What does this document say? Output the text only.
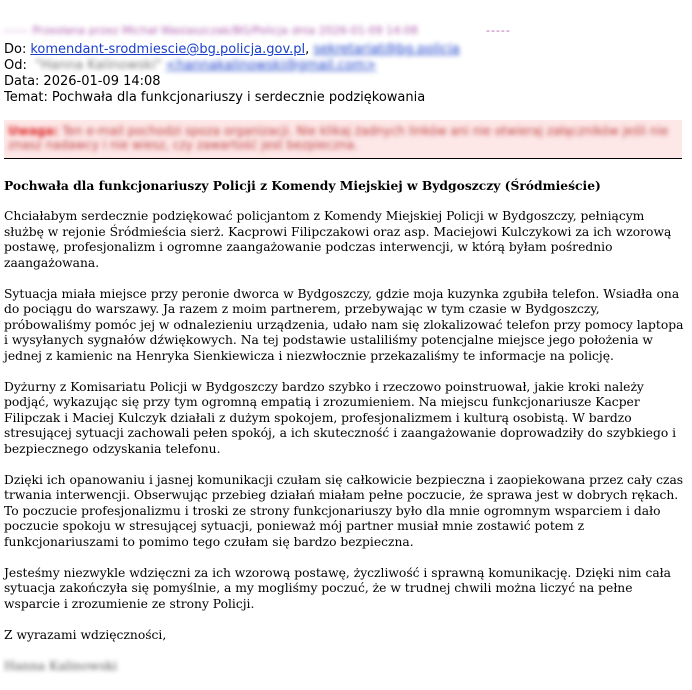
----- Przesłana przez Michał Wasiaszczak/BG/Policja dnia 2026-01-09 14:08	-----
Do: komendant-srodmiescie@bg.policja.gov.pl, sekretariat@bg.policja
Od: "Hanna Kalinowski" <hannakalinowski@gmail.com>
Data: 2026-01-09 14:08
Temat: Pochwała dla funkcjonariuszy i serdecznie podziękowania
Uwaga: Ten e-mail pochodzi spoza organizacji. Nie klikaj żadnych linków ani nie otwieraj załączników jeśli nie znasz nadawcy i nie wiesz, czy zawartość jest bezpieczna.

Pochwała dla funkcjonariuszy Policji z Komendy Miejskiej w Bydgoszczy (Śródmieście)

Chciałabym serdecznie podziękować policjantom z Komendy Miejskiej Policji w Bydgoszczy, pełniącym służbę w rejonie Śródmieścia sierż. Kacprowi Filipczakowi oraz asp. Maciejowi Kulczykowi za ich wzorową postawę, profesjonalizm i ogromne zaangażowanie podczas interwencji, w którą byłam pośrednio zaangażowana.

Sytuacja miała miejsce przy peronie dworca w Bydgoszczy, gdzie moja kuzynka zgubiła telefon. Wsiadła ona do pociągu do warszawy. Ja razem z moim partnerem, przebywając w tym czasie w Bydgoszczy, próbowaliśmy pomóc jej w odnalezieniu urządzenia, udało nam się zlokalizować telefon przy pomocy laptopa i wysyłanych sygnałów dźwiękowych. Na tej podstawie ustaliliśmy potencjalne miejsce jego położenia w jednej z kamienic na Henryka Sienkiewicza i niezwłocznie przekazaliśmy te informacje na policję.

Dyżurny z Komisariatu Policji w Bydgoszczy bardzo szybko i rzeczowo poinstruował, jakie kroki należy podjąć, wykazując się przy tym ogromną empatią i zrozumieniem. Na miejscu funkcjonariusze Kacper Filipczak i Maciej Kulczyk działali z dużym spokojem, profesjonalizmem i kulturą osobistą. W bardzo stresującej sytuacji zachowali pełen spokój, a ich skuteczność i zaangażowanie doprowadziły do szybkiego i bezpiecznego odzyskania telefonu.

Dzięki ich opanowaniu i jasnej komunikacji czułam się całkowicie bezpieczna i zaopiekowana przez cały czas trwania interwencji. Obserwując przebieg działań miałam pełne poczucie, że sprawa jest w dobrych rękach. To poczucie profesjonalizmu i troski ze strony funkcjonariuszy było dla mnie ogromnym wsparciem i dało poczucie spokoju w stresującej sytuacji, ponieważ mój partner musiał mnie zostawić potem z funkcjonariuszami to pomimo tego czułam się bardzo bezpieczna.

Jesteśmy niezwykle wdzięczni za ich wzorową postawę, życzliwość i sprawną komunikację. Dzięki nim cała sytuacja zakończyła się pomyślnie, a my mogliśmy poczuć, że w trudnej chwili można liczyć na pełne wsparcie i zrozumienie ze strony Policji.

Z wyrazami wdzięczności,

Hanna Kalinowski
